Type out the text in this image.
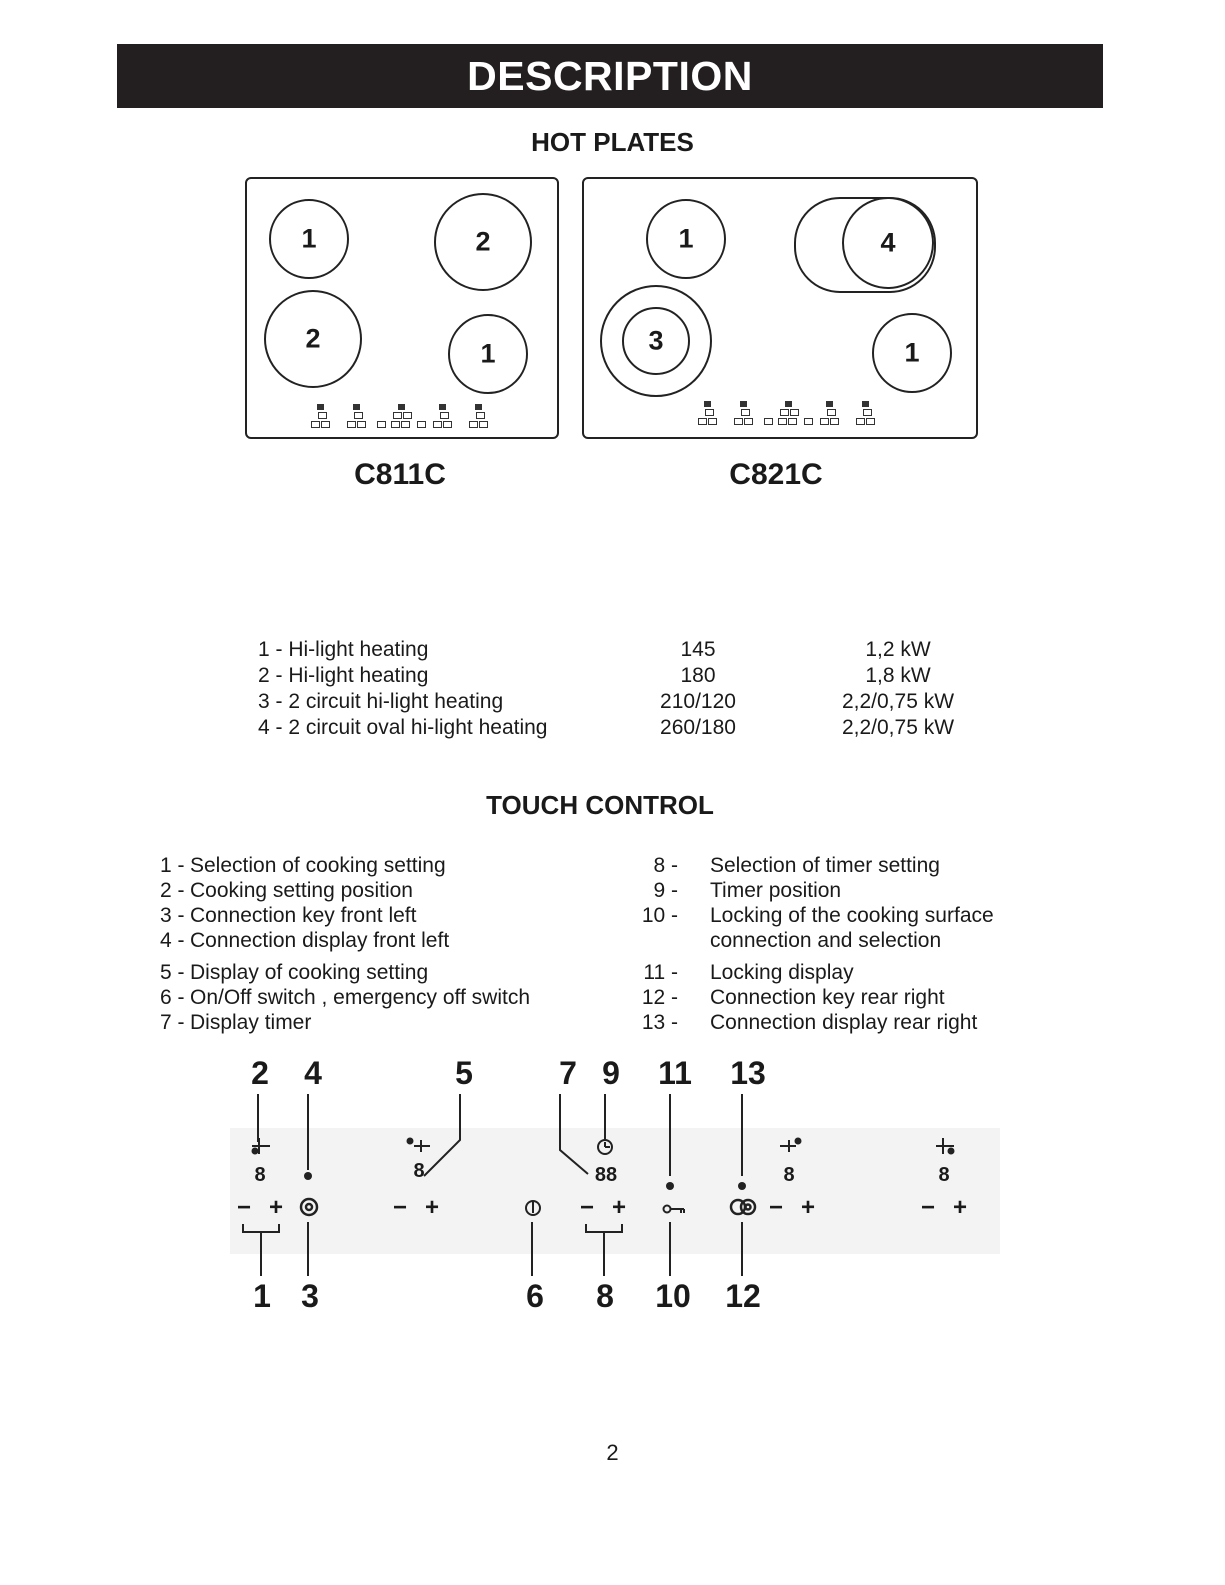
DESCRIPTION
HOT PLATES
1	2
2	1
1	4
3	1
C811C	C821C
1 - Hi-light heating	145	1,2 kW
2 - Hi-light heating	180	1,8 kW
3 - 2 circuit hi-light heating	210/120	2,2/0,75 kW
4 - 2 circuit oval hi-light heating	260/180	2,2/0,75 kW
TOUCH CONTROL
1 - Selection of cooking setting
2 - Cooking setting position
3 - Connection key front left
4 - Connection display front left
5 - Display of cooking setting
6 - On/Off switch , emergency off switch
7 - Display timer
8 - Selection of timer setting
9 - Timer position
10 - Locking of the cooking surface
connection and selection
11 - Locking display
12 - Connection key rear right
13 - Connection display rear right
2	4	5	7 9	11	13
1 3	6	8	10	12
8	8	88	8	8
− +	− +	− +	− +	− +
2
